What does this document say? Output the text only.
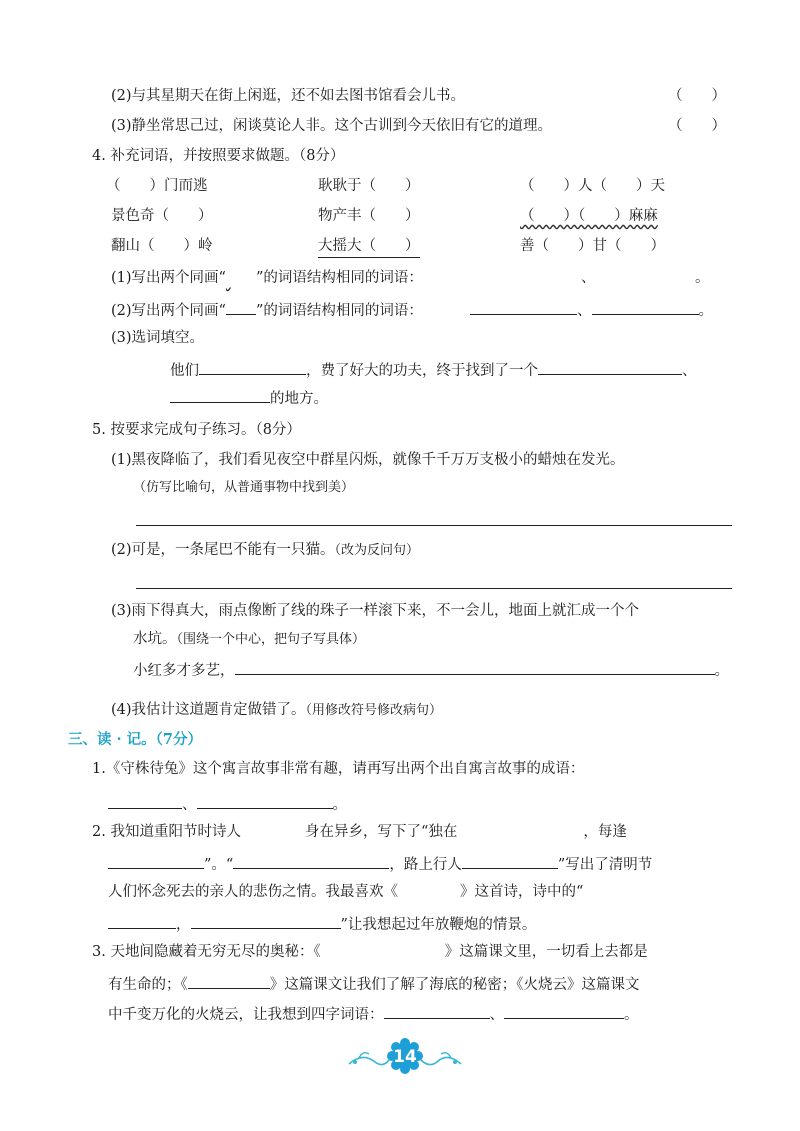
(2)与其星期天在街上闲逛，还不如去图书馆看会儿书。	（　　）
(3)静坐常思己过，闲谈莫论人非。这个古训到今天依旧有它的道理。	（　　）
4. 补充词语，并按照要求做题。（8分）
（　　）门而逃	耿耿于（　　）	（　　）人（　　）天
景色奇（　　）	物产丰（　　）	（　　）（　　）麻麻
翻山（　　）岭	大摇大（　　）	善（　　）甘（　　）
(1)写出两个同画“ ”的词语结构相同的词语：	、	。
(2)写出两个同画“ ”的词语结构相同的词语：	、	。
(3)选词填空。
他们	，费了好大的功夫，终于找到了一个	、
的地方。
5. 按要求完成句子练习。（8分）
(1)黑夜降临了，我们看见夜空中群星闪烁，就像千千万万支极小的蜡烛在发光。
（仿写比喻句，从普通事物中找到美）
(2)可是，一条尾巴不能有一只猫。（改为反问句）
(3)雨下得真大，雨点像断了线的珠子一样滚下来，不一会儿，地面上就汇成一个个
水坑。（围绕一个中心，把句子写具体）
小红多才多艺，	。
(4)我估计这道题肯定做错了。（用修改符号修改病句）
三、读 · 记。（7分）
1.《守株待兔》这个寓言故事非常有趣，请再写出两个出自寓言故事的成语：
、	。
2. 我知道重阳节时诗人	身在异乡，写下了“独在	，每逢
”。“	，路上行人	”写出了清明节
人们怀念死去的亲人的悲伤之情。我最喜欢《	》这首诗，诗中的“
，	”让我想起过年放鞭炮的情景。
3. 天地间隐藏着无穷无尽的奥秘：《	》这篇课文里，一切看上去都是
有生命的；《	》这篇课文让我们了解了海底的秘密；《火烧云》这篇课文
中千变万化的火烧云，让我想到四字词语：	、	。
14
